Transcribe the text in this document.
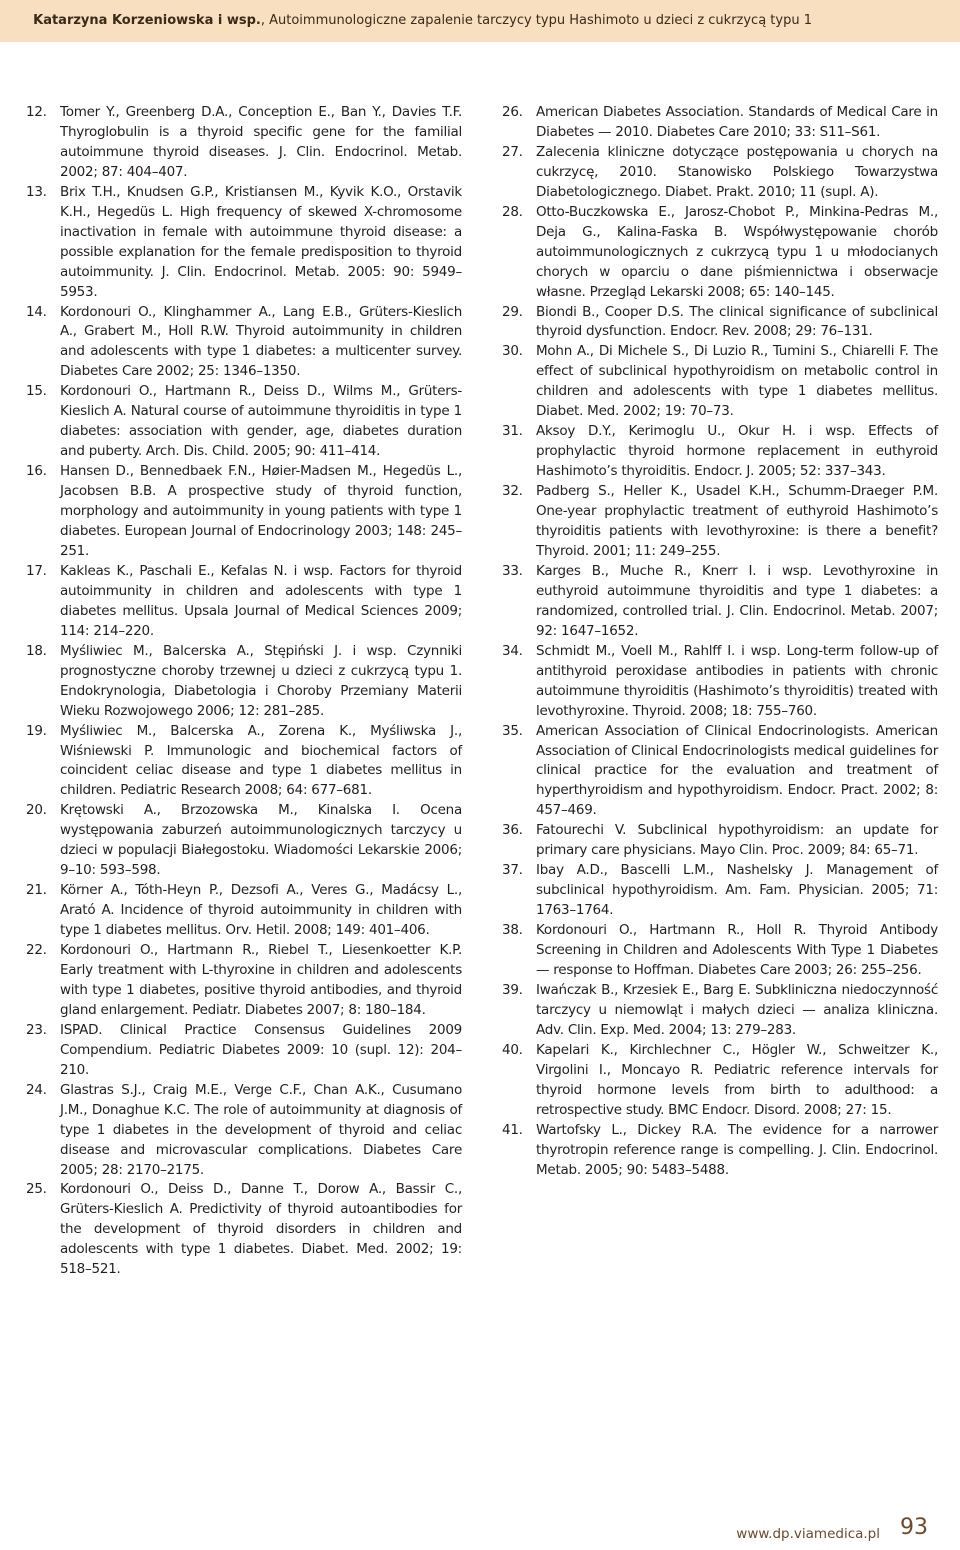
Katarzyna Korzeniowska i wsp., Autoimmunologiczne zapalenie tarczycy typu Hashimoto u dzieci z cukrzycą typu 1
12. Tomer Y., Greenberg D.A., Conception E., Ban Y., Davies T.F. Thyroglobulin is a thyroid specific gene for the familial autoimmune thyroid diseases. J. Clin. Endocrinol. Metab. 2002; 87: 404–407.
13. Brix T.H., Knudsen G.P., Kristiansen M., Kyvik K.O., Orstavik K.H., Hegedüs L. High frequency of skewed X-chromosome inactivation in female with autoimmune thyroid disease: a possible explanation for the female predisposition to thyroid autoimmunity. J. Clin. Endocrinol. Metab. 2005: 90: 5949–5953.
14. Kordonouri O., Klinghammer A., Lang E.B., Grüters-Kieslich A., Grabert M., Holl R.W. Thyroid autoimmunity in children and adolescents with type 1 diabetes: a multicenter survey. Diabetes Care 2002; 25: 1346–1350.
15. Kordonouri O., Hartmann R., Deiss D., Wilms M., Grüters-Kieslich A. Natural course of autoimmune thyroiditis in type 1 diabetes: association with gender, age, diabetes duration and puberty. Arch. Dis. Child. 2005; 90: 411–414.
16. Hansen D., Bennedbaek F.N., Høier-Madsen M., Hegedüs L., Jacobsen B.B. A prospective study of thyroid function, morphology and autoimmunity in young patients with type 1 diabetes. European Journal of Endocrinology 2003; 148: 245–251.
17. Kakleas K., Paschali E., Kefalas N. i wsp. Factors for thyroid autoimmunity in children and adolescents with type 1 diabetes mellitus. Upsala Journal of Medical Sciences 2009; 114: 214–220.
18. Myśliwiec M., Balcerska A., Stępiński J. i wsp. Czynniki prognostyczne choroby trzewnej u dzieci z cukrzycą typu 1. Endokrynologia, Diabetologia i Choroby Przemiany Materii Wieku Rozwojowego 2006; 12: 281–285.
19. Myśliwiec M., Balcerska A., Zorena K., Myśliwska J., Wiśniewski P. Immunologic and biochemical factors of coincident celiac disease and type 1 diabetes mellitus in children. Pediatric Research 2008; 64: 677–681.
20. Krętowski A., Brzozowska M., Kinalska I. Ocena występowania zaburzeń autoimmunologicznych tarczycy u dzieci w populacji Białegostoku. Wiadomości Lekarskie 2006; 9–10: 593–598.
21. Körner A., Tóth-Heyn P., Dezsofi A., Veres G., Madácsy L., Arató A. Incidence of thyroid autoimmunity in children with type 1 diabetes mellitus. Orv. Hetil. 2008; 149: 401–406.
22. Kordonouri O., Hartmann R., Riebel T., Liesenkoetter K.P. Early treatment with L-thyroxine in children and adolescents with type 1 diabetes, positive thyroid antibodies, and thyroid gland enlargement. Pediatr. Diabetes 2007; 8: 180–184.
23. ISPAD. Clinical Practice Consensus Guidelines 2009 Compendium. Pediatric Diabetes 2009: 10 (supl. 12): 204–210.
24. Glastras S.J., Craig M.E., Verge C.F., Chan A.K., Cusumano J.M., Donaghue K.C. The role of autoimmunity at diagnosis of type 1 diabetes in the development of thyroid and celiac disease and microvascular complications. Diabetes Care 2005; 28: 2170–2175.
25. Kordonouri O., Deiss D., Danne T., Dorow A., Bassir C., Grüters-Kieslich A. Predictivity of thyroid autoantibodies for the development of thyroid disorders in children and adolescents with type 1 diabetes. Diabet. Med. 2002; 19: 518–521.
26. American Diabetes Association. Standards of Medical Care in Diabetes — 2010. Diabetes Care 2010; 33: S11–S61.
27. Zalecenia kliniczne dotyczące postępowania u chorych na cukrzycę, 2010. Stanowisko Polskiego Towarzystwa Diabetologicznego. Diabet. Prakt. 2010; 11 (supl. A).
28. Otto-Buczkowska E., Jarosz-Chobot P., Minkina-Pedras M., Deja G., Kalina-Faska B. Współwystępowanie chorób autoimmunologicznych z cukrzycą typu 1 u młodocianych chorych w oparciu o dane piśmiennictwa i obserwacje własne. Przegląd Lekarski 2008; 65: 140–145.
29. Biondi B., Cooper D.S. The clinical significance of subclinical thyroid dysfunction. Endocr. Rev. 2008; 29: 76–131.
30. Mohn A., Di Michele S., Di Luzio R., Tumini S., Chiarelli F. The effect of subclinical hypothyroidism on metabolic control in children and adolescents with type 1 diabetes mellitus. Diabet. Med. 2002; 19: 70–73.
31. Aksoy D.Y., Kerimoglu U., Okur H. i wsp. Effects of prophylactic thyroid hormone replacement in euthyroid Hashimoto’s thyroiditis. Endocr. J. 2005; 52: 337–343.
32. Padberg S., Heller K., Usadel K.H., Schumm-Draeger P.M. One-year prophylactic treatment of euthyroid Hashimoto’s thyroiditis patients with levothyroxine: is there a benefit? Thyroid. 2001; 11: 249–255.
33. Karges B., Muche R., Knerr I. i wsp. Levothyroxine in euthyroid autoimmune thyroiditis and type 1 diabetes: a randomized, controlled trial. J. Clin. Endocrinol. Metab. 2007; 92: 1647–1652.
34. Schmidt M., Voell M., Rahlff I. i wsp. Long-term follow-up of antithyroid peroxidase antibodies in patients with chronic autoimmune thyroiditis (Hashimoto’s thyroiditis) treated with levothyroxine. Thyroid. 2008; 18: 755–760.
35. American Association of Clinical Endocrinologists. American Association of Clinical Endocrinologists medical guidelines for clinical practice for the evaluation and treatment of hyperthyroidism and hypothyroidism. Endocr. Pract. 2002; 8: 457–469.
36. Fatourechi V. Subclinical hypothyroidism: an update for primary care physicians. Mayo Clin. Proc. 2009; 84: 65–71.
37. Ibay A.D., Bascelli L.M., Nashelsky J. Management of subclinical hypothyroidism. Am. Fam. Physician. 2005; 71: 1763–1764.
38. Kordonouri O., Hartmann R., Holl R. Thyroid Antibody Screening in Children and Adolescents With Type 1 Diabetes — response to Hoffman. Diabetes Care 2003; 26: 255–256.
39. Iwańczak B., Krzesiek E., Barg E. Subkliniczna niedoczynność tarczycy u niemowląt i małych dzieci — analiza kliniczna. Adv. Clin. Exp. Med. 2004; 13: 279–283.
40. Kapelari K., Kirchlechner C., Högler W., Schweitzer K., Virgolini I., Moncayo R. Pediatric reference intervals for thyroid hormone levels from birth to adulthood: a retrospective study. BMC Endocr. Disord. 2008; 27: 15.
41. Wartofsky L., Dickey R.A. The evidence for a narrower thyrotropin reference range is compelling. J. Clin. Endocrinol. Metab. 2005; 90: 5483–5488.
www.dp.viamedica.pl 93
